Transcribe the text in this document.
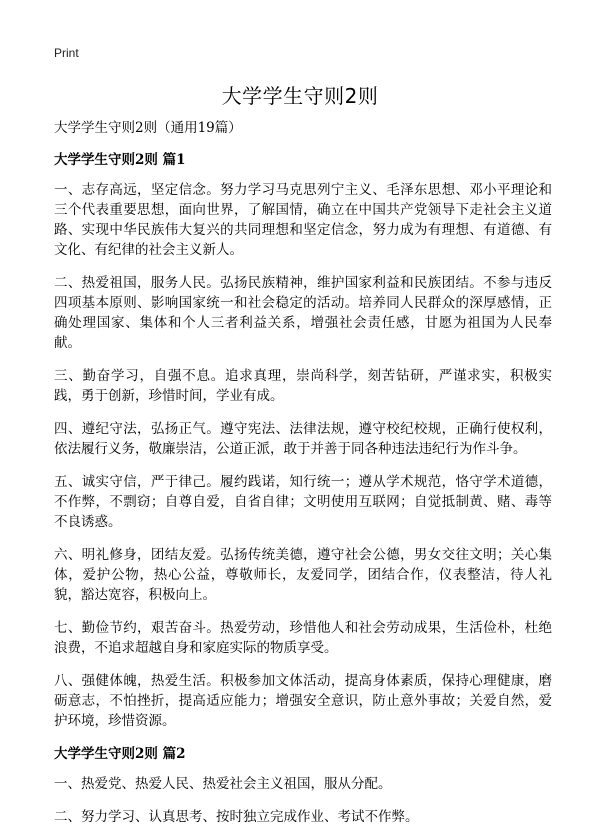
Print
大学学生守则2则
大学学生守则2则（通用19篇）
大学学生守则2则 篇1

一、志存高远，坚定信念。努力学习马克思列宁主义、毛泽东思想、邓小平理论和三个代表重要思想，面向世界，了解国情，确立在中国共产党领导下走社会主义道路、实现中华民族伟大复兴的共同理想和坚定信念，努力成为有理想、有道德、有文化、有纪律的社会主义新人。

二、热爱祖国，服务人民。弘扬民族精神，维护国家利益和民族团结。不参与违反四项基本原则、影响国家统一和社会稳定的活动。培养同人民群众的深厚感情，正确处理国家、集体和个人三者利益关系，增强社会责任感，甘愿为祖国为人民奉献。

三、勤奋学习，自强不息。追求真理，崇尚科学，刻苦钻研，严谨求实，积极实践，勇于创新，珍惜时间，学业有成。

四、遵纪守法，弘扬正气。遵守宪法、法律法规，遵守校纪校规，正确行使权利，依法履行义务，敬廉崇洁，公道正派，敢于并善于同各种违法违纪行为作斗争。

五、诚实守信，严于律己。履约践诺，知行统一；遵从学术规范，恪守学术道德，不作弊，不剽窃；自尊自爱，自省自律；文明使用互联网；自觉抵制黄、赌、毒等不良诱惑。

六、明礼修身，团结友爱。弘扬传统美德，遵守社会公德，男女交往文明；关心集体，爱护公物，热心公益，尊敬师长，友爱同学，团结合作，仪表整洁，待人礼貌，豁达宽容，积极向上。

七、勤俭节约，艰苦奋斗。热爱劳动，珍惜他人和社会劳动成果，生活俭朴，杜绝浪费，不追求超越自身和家庭实际的物质享受。

八、强健体魄，热爱生活。积极参加文体活动，提高身体素质，保持心理健康，磨砺意志，不怕挫折，提高适应能力；增强安全意识，防止意外事故；关爱自然，爱护环境，珍惜资源。

大学学生守则2则 篇2

一、热爱党、热爱人民、热爱社会主义祖国，服从分配。

二、努力学习、认真思考、按时独立完成作业、考试不作弊。
